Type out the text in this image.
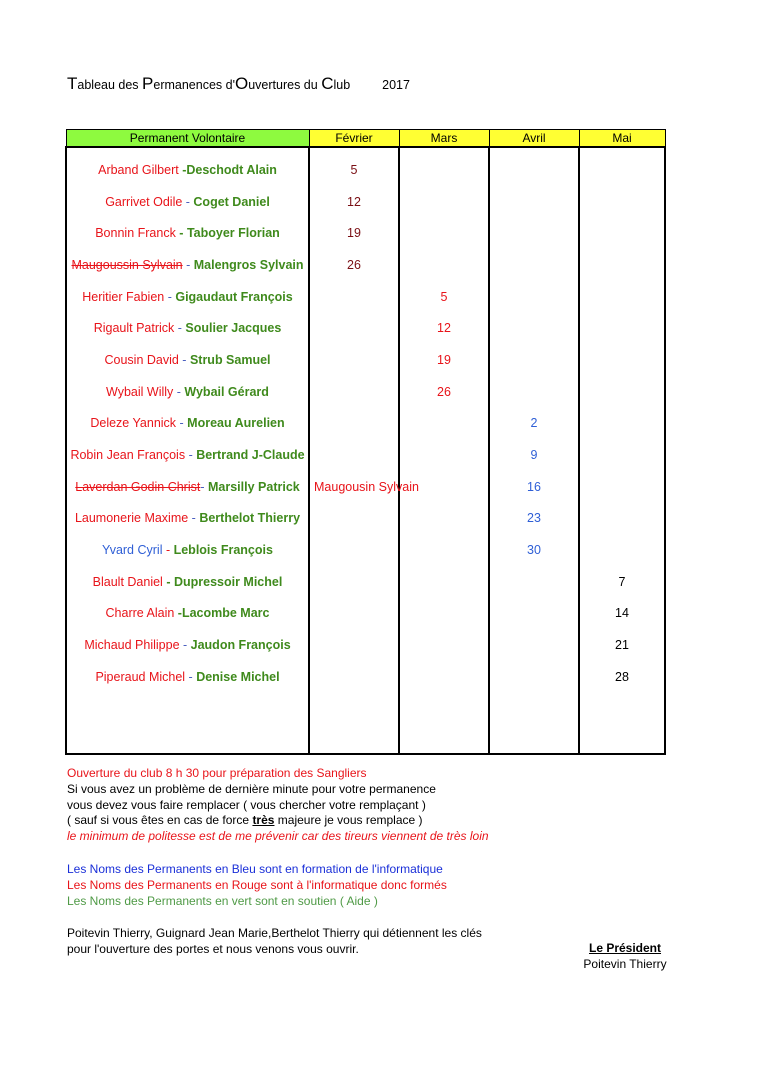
Tableau des Permanences d'Ouvertures du Club	2017
Permanent Volontaire	Février	Mars	Avril	Mai
Arband Gilbert -Deschodt Alain	5			
Garrivet Odile - Coget Daniel	12			
Bonnin Franck - Taboyer Florian	19			
Maugoussin Sylvain - Malengros Sylvain	26			
Heritier Fabien - Gigaudaut François		5		
Rigault Patrick - Soulier Jacques		12		
Cousin David - Strub Samuel		19		
Wybail Willy - Wybail Gérard		26		
Deleze Yannick - Moreau Aurelien			2	
Robin Jean François - Bertrand J-Claude			9	
Laverdan Godin Christ- Marsilly Patrick	Maugousin Sylvain		16	
Laumonerie Maxime - Berthelot Thierry			23	
Yvard Cyril - Leblois François			30	
Blault Daniel - Dupressoir Michel				7
Charre Alain -Lacombe Marc				14
Michaud Philippe - Jaudon François				21
Piperaud Michel - Denise Michel				28

Ouverture du club 8 h 30 pour préparation des Sangliers
Si vous avez un problème de dernière minute pour votre permanence
vous devez vous faire remplacer ( vous chercher votre remplaçant )
( sauf si vous êtes en cas de force très majeure je vous remplace )
le minimum de politesse est de me prévenir car des tireurs viennent de très loin
Les Noms des Permanents en Bleu sont en formation de l'informatique
Les Noms des Permanents en Rouge sont à l'informatique donc formés
Les Noms des Permanents en vert sont en soutien ( Aide )
Poitevin Thierry, Guignard Jean Marie,Berthelot Thierry qui détiennent les clés
pour l'ouverture des portes et nous venons vous ouvrir.	Le Président
Poitevin Thierry
